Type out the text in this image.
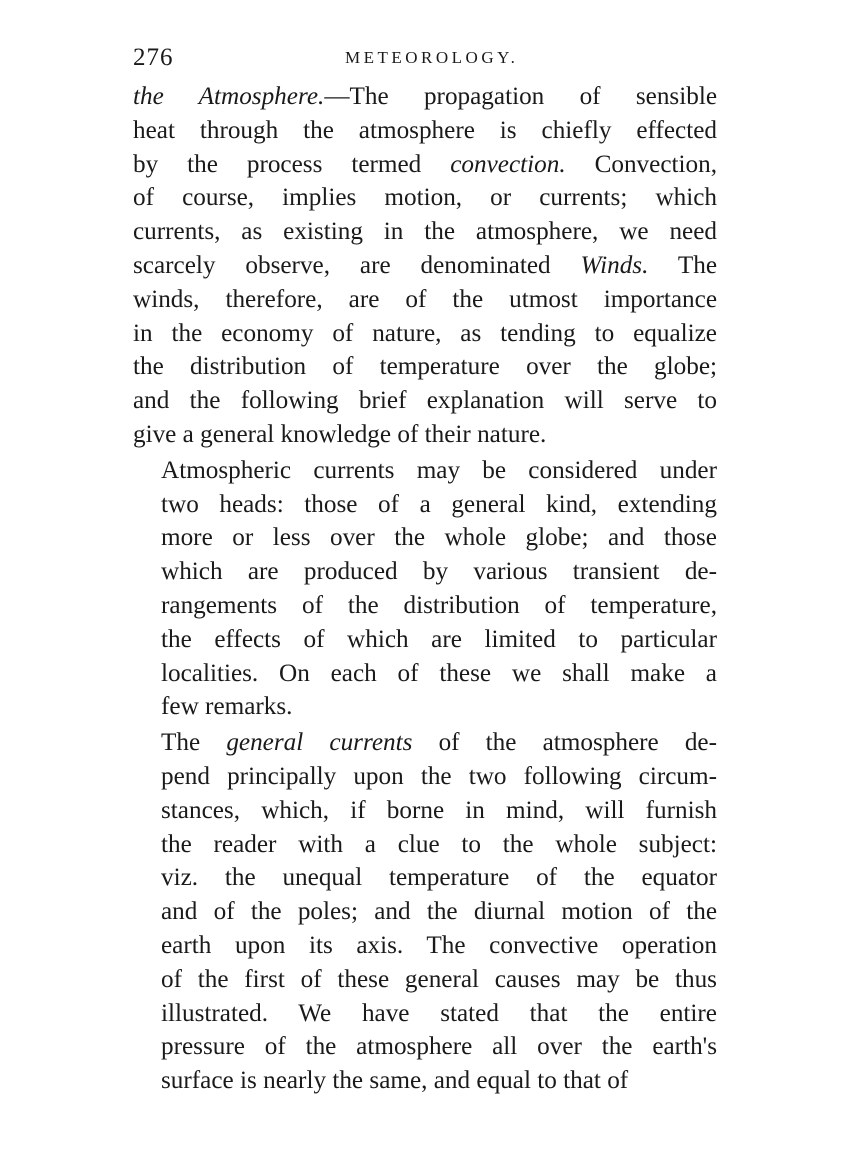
276	METEOROLOGY.

the Atmosphere.—The propagation of sensible
heat through the atmosphere is chiefly effected
by the process termed convection. Convection,
of course, implies motion, or currents; which
currents, as existing in the atmosphere, we need
scarcely observe, are denominated Winds. The
winds, therefore, are of the utmost importance
in the economy of nature, as tending to equalize
the distribution of temperature over the globe;
and the following brief explanation will serve to
give a general knowledge of their nature.

Atmospheric currents may be considered under
two heads: those of a general kind, extending
more or less over the whole globe; and those
which are produced by various transient de-
rangements of the distribution of temperature,
the effects of which are limited to particular
localities. On each of these we shall make a
few remarks.

The general currents of the atmosphere de-
pend principally upon the two following circum-
stances, which, if borne in mind, will furnish
the reader with a clue to the whole subject:
viz. the unequal temperature of the equator
and of the poles; and the diurnal motion of the
earth upon its axis. The convective operation
of the first of these general causes may be thus
illustrated. We have stated that the entire
pressure of the atmosphere all over the earth's
surface is nearly the same, and equal to that of
